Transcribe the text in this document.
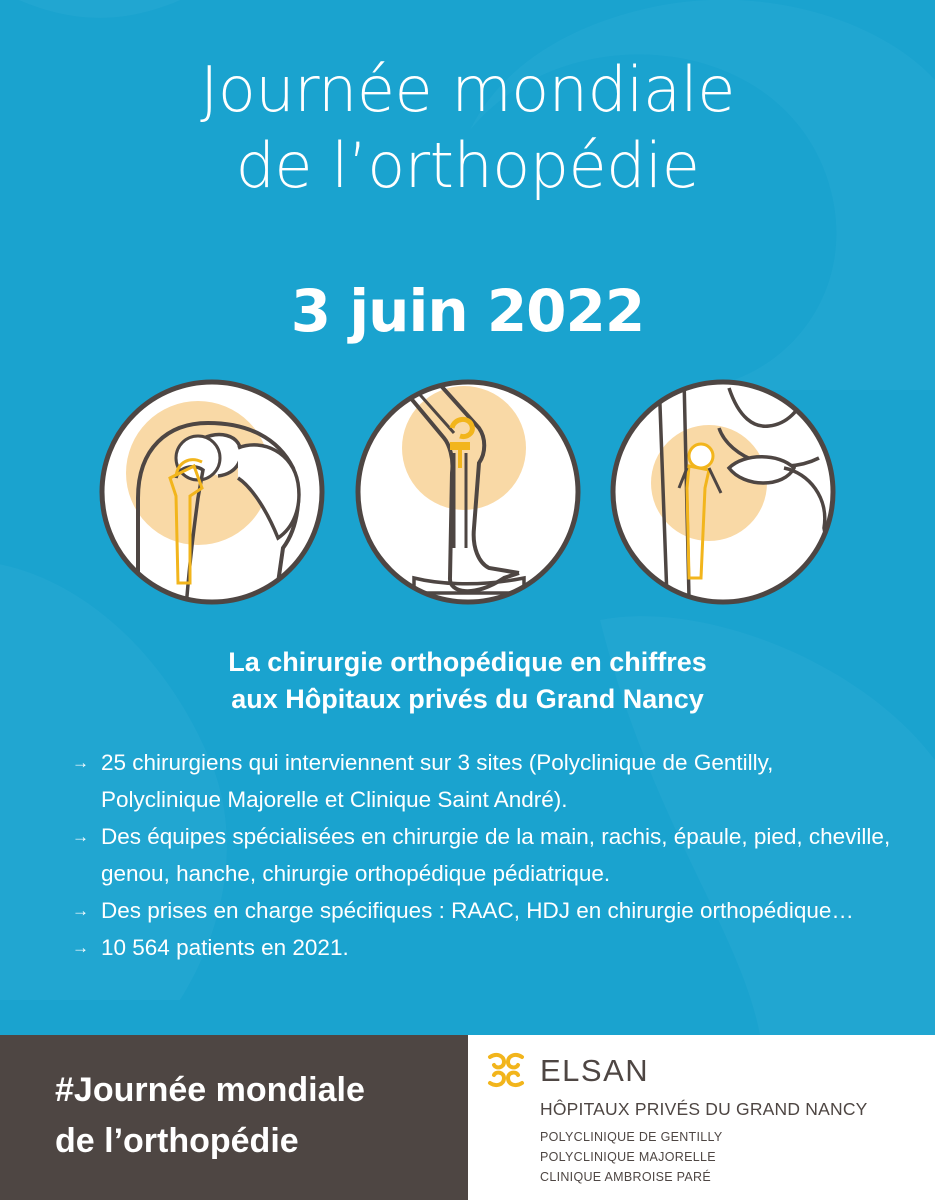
Journée mondiale
de l’orthopédie
3 juin 2022
La chirurgie orthopédique en chiffres
aux Hôpitaux privés du Grand Nancy
→ 25 chirurgiens qui interviennent sur 3 sites (Polyclinique de Gentilly, Polyclinique Majorelle et Clinique Saint André).
→ Des équipes spécialisées en chirurgie de la main, rachis, épaule, pied, cheville, genou, hanche, chirurgie orthopédique pédiatrique.
→ Des prises en charge spécifiques : RAAC, HDJ en chirurgie orthopédique…
→ 10 564 patients en 2021.
#Journée mondiale
de l’orthopédie
ELSAN
HÔPITAUX PRIVÉS DU GRAND NANCY
POLYCLINIQUE DE GENTILLY
POLYCLINIQUE MAJORELLE
CLINIQUE AMBROISE PARÉ
